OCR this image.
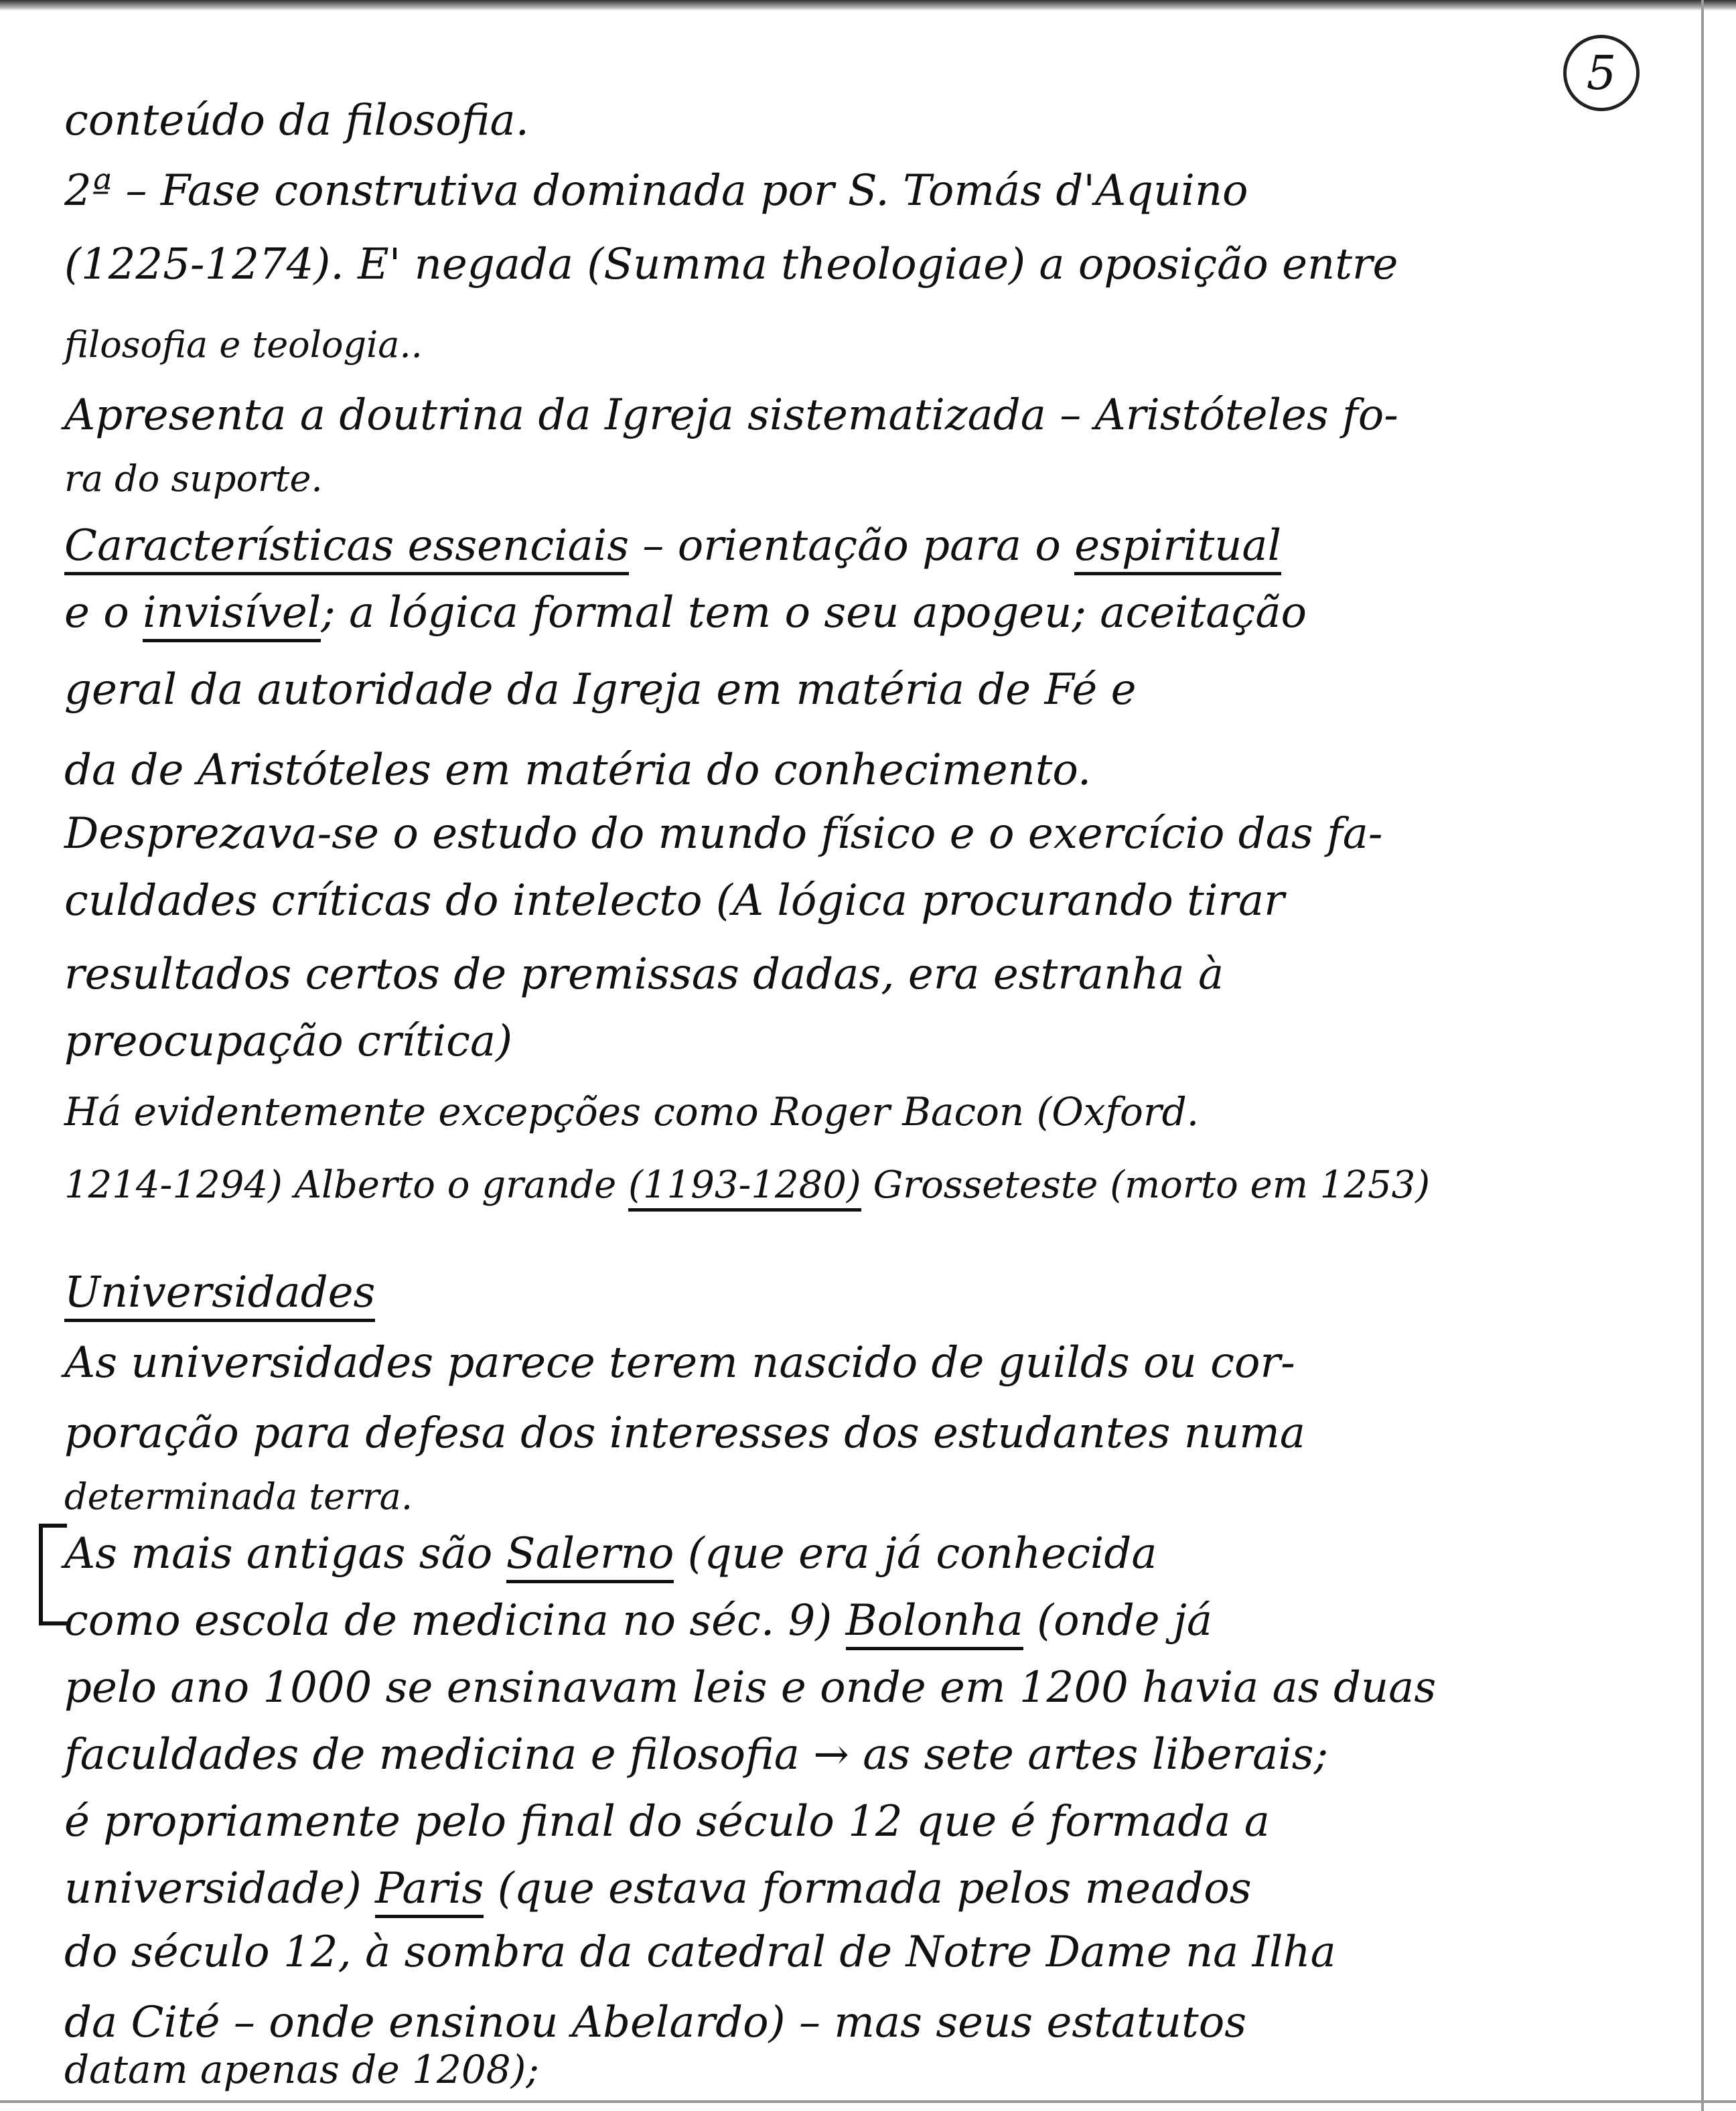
5
conteúdo da filosofia.
2ª – Fase construtiva dominada por S. Tomás d'Aquino
(1225-1274). E' negada (Summa theologiae) a oposição entre
filosofia e teologia..
Apresenta a doutrina da Igreja sistematizada – Aristóteles fo-
ra do suporte.
Características essenciais – orientação para o espiritual
e o invisível; a lógica formal tem o seu apogeu; aceitação
geral da autoridade da Igreja em matéria de Fé e
da de Aristóteles em matéria do conhecimento.
Desprezava-se o estudo do mundo físico e o exercício das fa-
culdades críticas do intelecto (A lógica procurando tirar
resultados certos de premissas dadas, era estranha à
preocupação crítica)
Há evidentemente excepções como Roger Bacon (Oxford.
1214-1294) Alberto o grande (1193-1280) Grosseteste (morto em 1253)
Universidades
As universidades parece terem nascido de guilds ou cor-
poração para defesa dos interesses dos estudantes numa
determinada terra.
As mais antigas são Salerno (que era já conhecida
como escola de medicina no séc. 9) Bolonha (onde já
pelo ano 1000 se ensinavam leis e onde em 1200 havia as duas
faculdades de medicina e filosofia → as sete artes liberais;
é propriamente pelo final do século 12 que é formada a
universidade) Paris (que estava formada pelos meados
do século 12, à sombra da catedral de Notre Dame na Ilha
da Cité – onde ensinou Abelardo) – mas seus estatutos
datam apenas de 1208);
